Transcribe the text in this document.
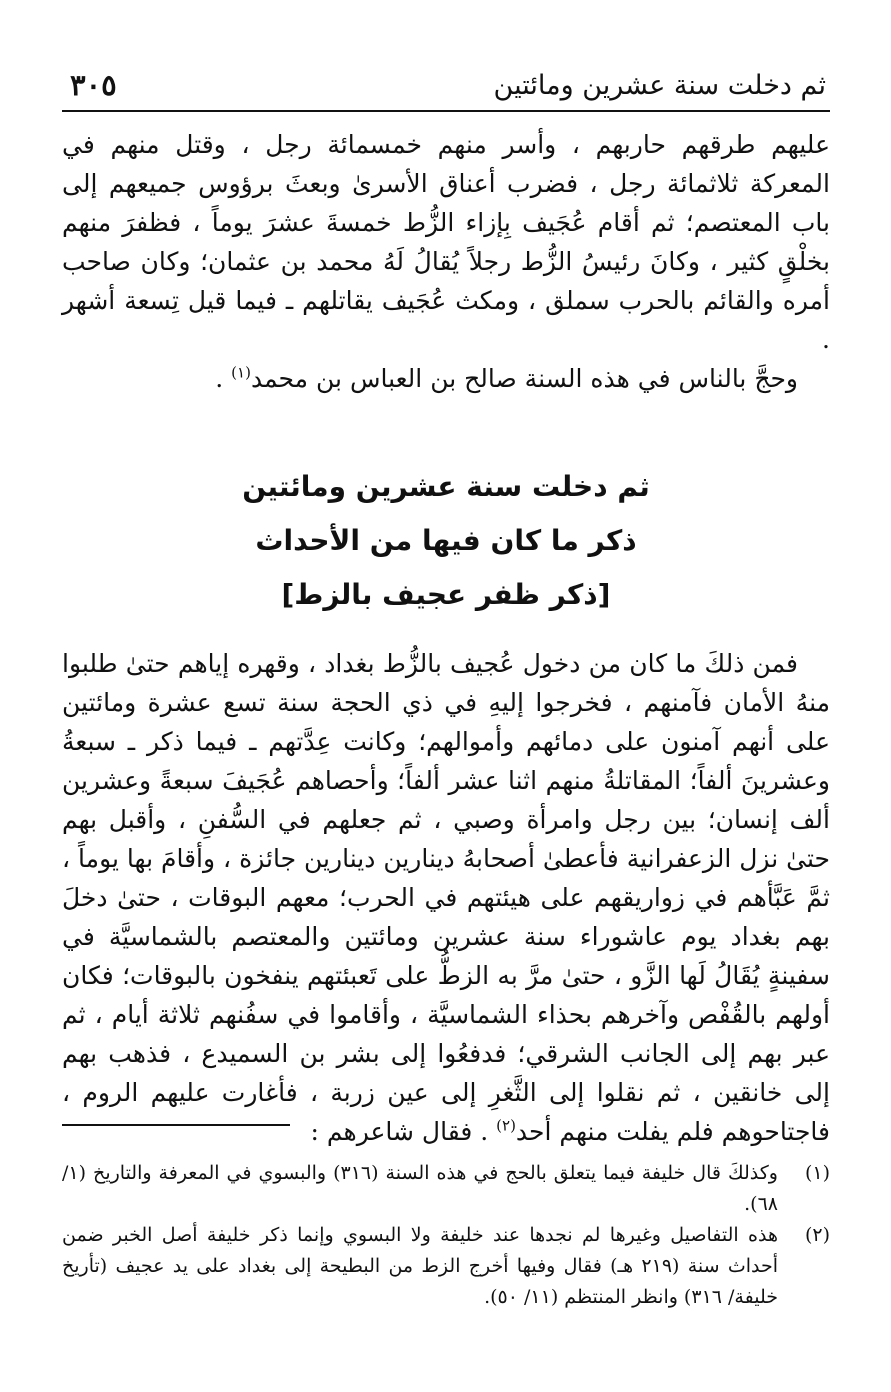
ثم دخلت سنة عشرين ومائتين
٣٠٥

عليهم طرقهم حاربهم ، وأسر منهم خمسمائة رجل ، وقتل منهم في المعركة ثلاثمائة رجل ، فضرب أعناق الأسرىٰ وبعثَ برؤوس جميعهم إلى باب المعتصم؛ ثم أقام عُجَيف بِإزاء الزُّط خمسةَ عشرَ يوماً ، فظفرَ منهم بخلْقٍ كثير ، وكانَ رئيسُ الزُّط رجلاً يُقالُ لَهُ محمد بن عثمان؛ وكان صاحب أمره والقائم بالحرب سملق ، ومكث عُجَيف يقاتلهم ـ فيما قيل تِسعة أشهر .

وحجَّ بالناس في هذه السنة صالح بن العباس بن محمد$^{(١)}$ .

ثم دخلت سنة عشرين ومائتين
ذكر ما كان فيها من الأحداث
[ذكر ظفر عجيف بالزط]

فمن ذلكَ ما كان من دخول عُجيف بالزُّط بغداد ، وقهره إياهم حتىٰ طلبوا منهُ الأمان فآمنهم ، فخرجوا إليهِ في ذي الحجة سنة تسع عشرة ومائتين على أنهم آمنون على دمائهم وأموالهم؛ وكانت عِدَّتهم ـ فيما ذكر ـ سبعةُ وعشرينَ ألفاً؛ المقاتلةُ منهم اثنا عشر ألفاً؛ وأحصاهم عُجَيفَ سبعةً وعشرين ألف إنسان؛ بين رجل وامرأة وصبي ، ثم جعلهم في السُّفنِ ، وأقبل بهم حتىٰ نزل الزعفرانية فأعطىٰ أصحابهُ دينارين دينارين جائزة ، وأقامَ بها يوماً ، ثمَّ عَبَّأهم في زواريقهم على هيئتهم في الحرب؛ معهم البوقات ، حتىٰ دخلَ بهم بغداد يوم عاشوراء سنة عشرين ومائتين والمعتصم بالشماسيَّة في سفينةٍ يُقَالُ لَها الزَّو ، حتىٰ مرَّ به الزطُّ على تَعبئتهم ينفخون بالبوقات؛ فكان أولهم بالقُفْص وآخرهم بحذاء الشماسيَّة ، وأقاموا في سفُنهم ثلاثة أيام ، ثم عبر بهم إلى الجانب الشرقي؛ فدفعُوا إلى بشر بن السميدع ، فذهب بهم إلى خانقين ، ثم نقلوا إلى الثَّغرِ إلى عين زربة ، فأغارت عليهم الروم ، فاجتاحوهم فلم يفلت منهم أحد$^{(٢)}$ . فقال شاعرهم :

(١)
وكذلكَ قال خليفة فيما يتعلق بالحج في هذه السنة (٣١٦) والبسوي في المعرفة والتاريخ (١/ ٦٨).
(٢)
هذه التفاصيل وغيرها لم نجدها عند خليفة ولا البسوي وإنما ذكر خليفة أصل الخبر ضمن أحداث سنة (٢١٩ هـ) فقال وفيها أخرج الزط من البطيحة إلى بغداد على يد عجيف (تأريخ خليفة/ ٣١٦) وانظر المنتظم (١١/ ٥٠).
